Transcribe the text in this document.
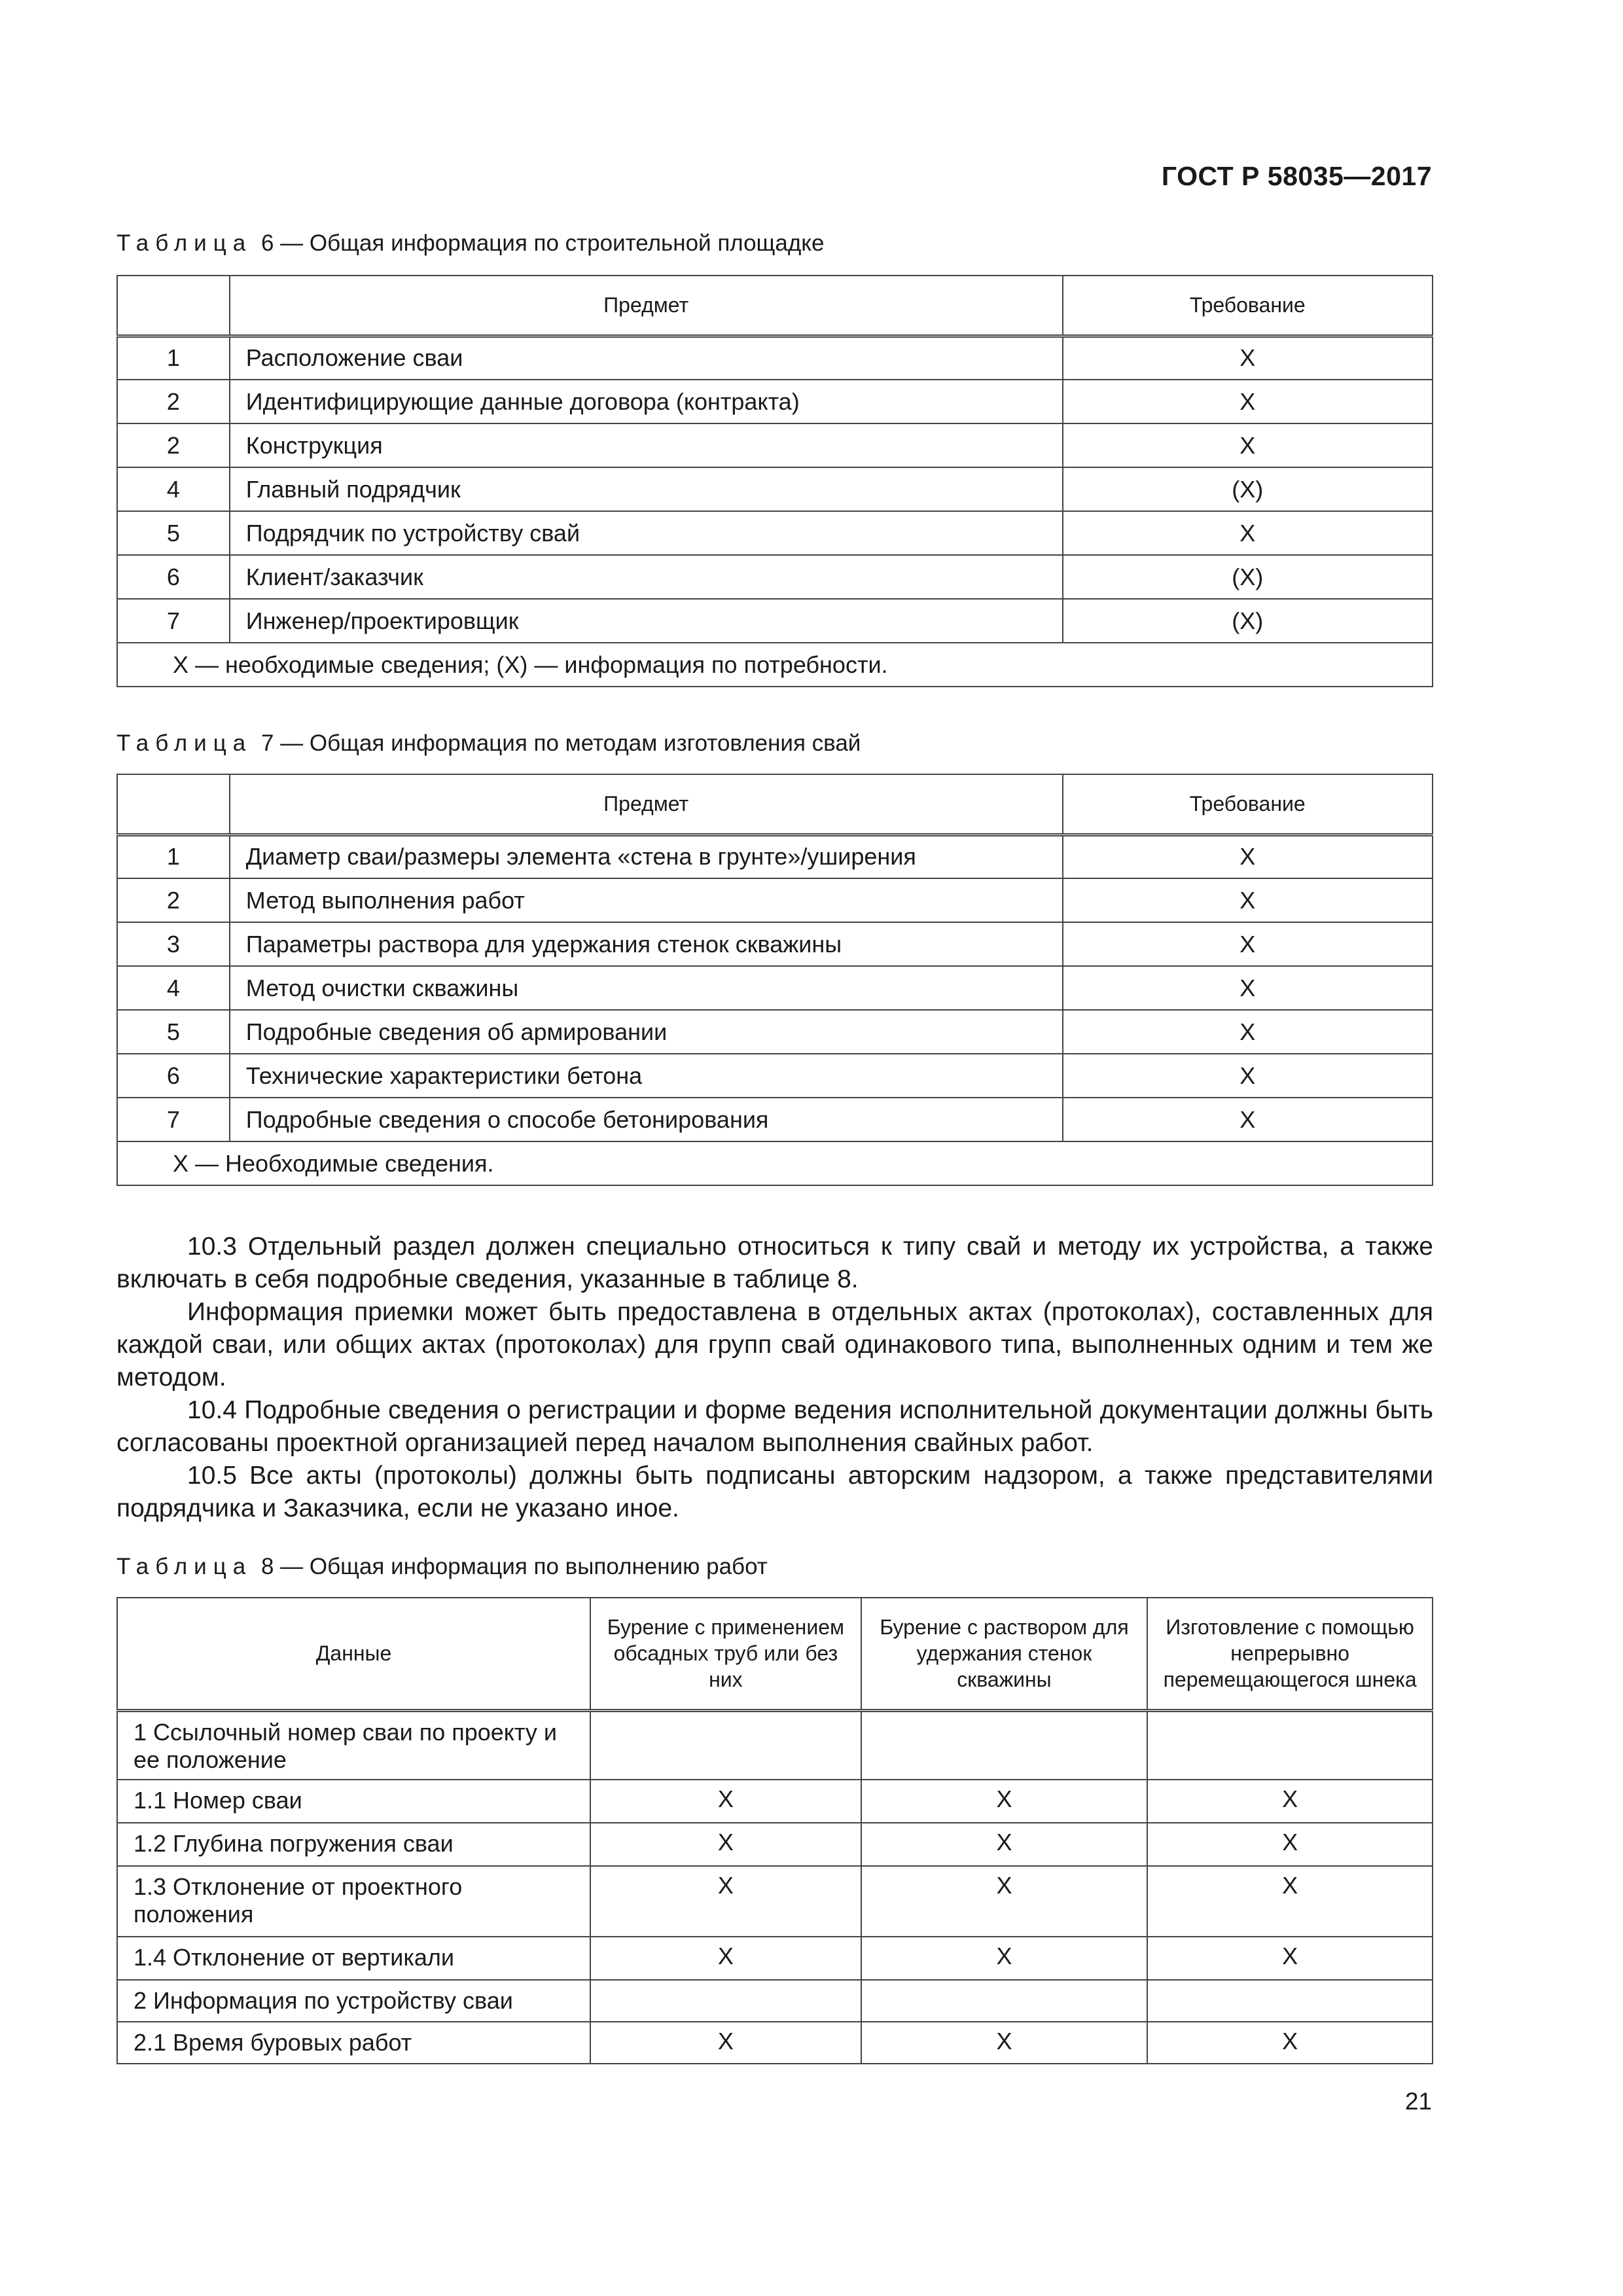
ГОСТ Р 58035—2017
Таблица 6 — Общая информация по строительной площадке
	Предмет	Требование
1	Расположение сваи	X
2	Идентифицирующие данные договора (контракта)	X
2	Конструкция	X
4	Главный подрядчик	(X)
5	Подрядчик по устройству свай	X
6	Клиент/заказчик	(X)
7	Инженер/проектировщик	(X)
X — необходимые сведения; (X) — информация по потребности.		
Таблица 7 — Общая информация по методам изготовления свай
	Предмет	Требование
1	Диаметр сваи/размеры элемента «стена в грунте»/уширения	X
2	Метод выполнения работ	X
3	Параметры раствора для удержания стенок скважины	X
4	Метод очистки скважины	X
5	Подробные сведения об армировании	X
6	Технические характеристики бетона	X
7	Подробные сведения о способе бетонирования	X
X — Необходимые сведения.		

10.3 Отдельный раздел должен специально относиться к типу свай и методу их устройства, а также включать в себя подробные сведения, указанные в таблице 8.

Информация приемки может быть предоставлена в отдельных актах (протоколах), составленных для каждой сваи, или общих актах (протоколах) для групп свай одинакового типа, выполненных одним и тем же методом.

10.4 Подробные сведения о регистрации и форме ведения исполнительной документации должны быть согласованы проектной организацией перед началом выполнения свайных работ.

10.5 Все акты (протоколы) должны быть подписаны авторским надзором, а также представителями подрядчика и Заказчика, если не указано иное.

Таблица 8 — Общая информация по выполнению работ
Данные	Бурение с применением обсадных труб или без них	Бурение с раствором для удержания стенок скважины	Изготовление с помощью непрерывно перемещающегося шнека
1 Ссылочный номер сваи по проекту и ее положение			
1.1 Номер сваи	X	X	X
1.2 Глубина погружения сваи	X	X	X
1.3 Отклонение от проектного положения	X	X	X
1.4 Отклонение от вертикали	X	X	X
2 Информация по устройству сваи			
2.1 Время буровых работ	X	X	X
21
